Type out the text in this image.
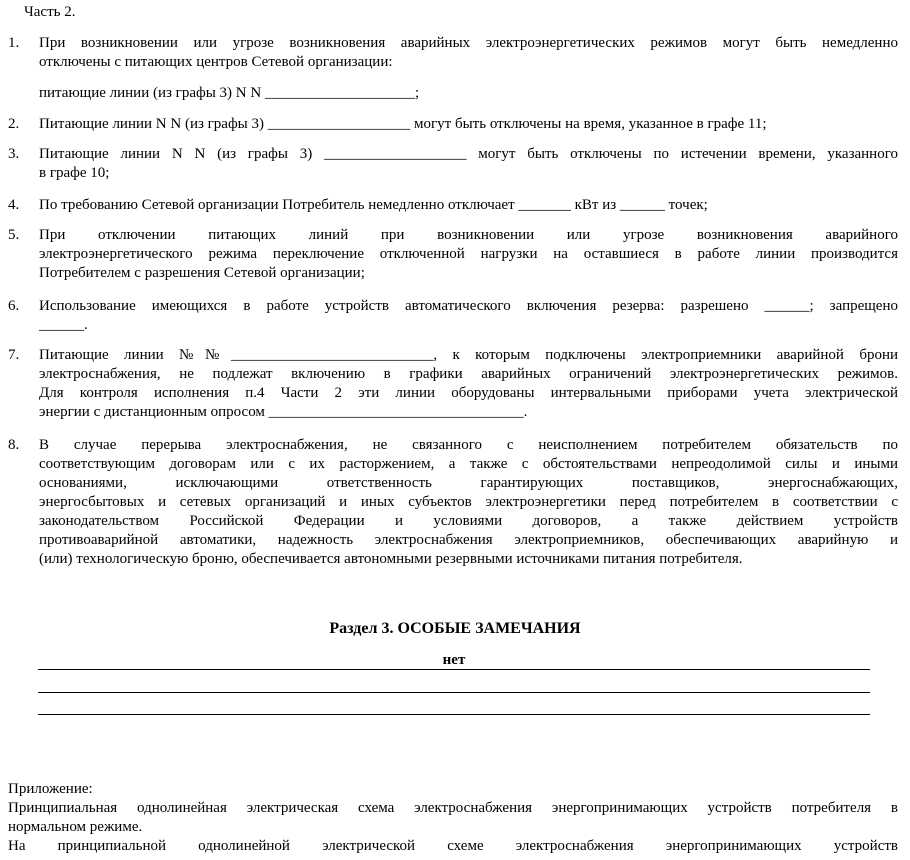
Часть 2.
1. При возникновении или угрозе возникновения аварийных электроэнергетических режимов могут быть немедленно
отключены с питающих центров Сетевой организации:
питающие линии (из графы 3) N N ____________________;
2. Питающие линии N N (из графы 3) ___________________ могут быть отключены на время, указанное в графе 11;
3. Питающие линии N N (из графы 3) ___________________ могут быть отключены по истечении времени, указанного
в графе 10;
4. По требованию Сетевой организации Потребитель немедленно отключает _______ кВт из ______ точек;
5. При отключении питающих линий при возникновении или угрозе возникновения аварийного
электроэнергетического режима переключение отключенной нагрузки на оставшиеся в работе линии производится
Потребителем с разрешения Сетевой организации;
6. Использование имеющихся в работе устройств автоматического включения резерва: разрешено ______; запрещено
______.
7. Питающие линии №№___________________________, к которым подключены электроприемники аварийной брони
электроснабжения, не подлежат включению в графики аварийных ограничений электроэнергетических режимов.
Для контроля исполнения п.4 Части 2 эти линии оборудованы интервальными приборами учета электрической
энергии с дистанционным опросом __________________________________.
8. В случае перерыва электроснабжения, не связанного с неисполнением потребителем обязательств по
соответствующим договорам или с их расторжением, а также с обстоятельствами непреодолимой силы и иными
основаниями, исключающими ответственность гарантирующих поставщиков, энергоснабжающих,
энергосбытовых и сетевых организаций и иных субъектов электроэнергетики перед потребителем в соответствии с
законодательством Российской Федерации и условиями договоров, а также действием устройств
противоаварийной автоматики, надежность электроснабжения электроприемников, обеспечивающих аварийную и
(или) технологическую броню, обеспечивается автономными резервными источниками питания потребителя.
Раздел 3. ОСОБЫЕ ЗАМЕЧАНИЯ
нет
Приложение:
Принципиальная однолинейная электрическая схема электроснабжения энергопринимающих устройств потребителя в
нормальном режиме.
На принципиальной однолинейной электрической схеме электроснабжения энергопринимающих устройств
